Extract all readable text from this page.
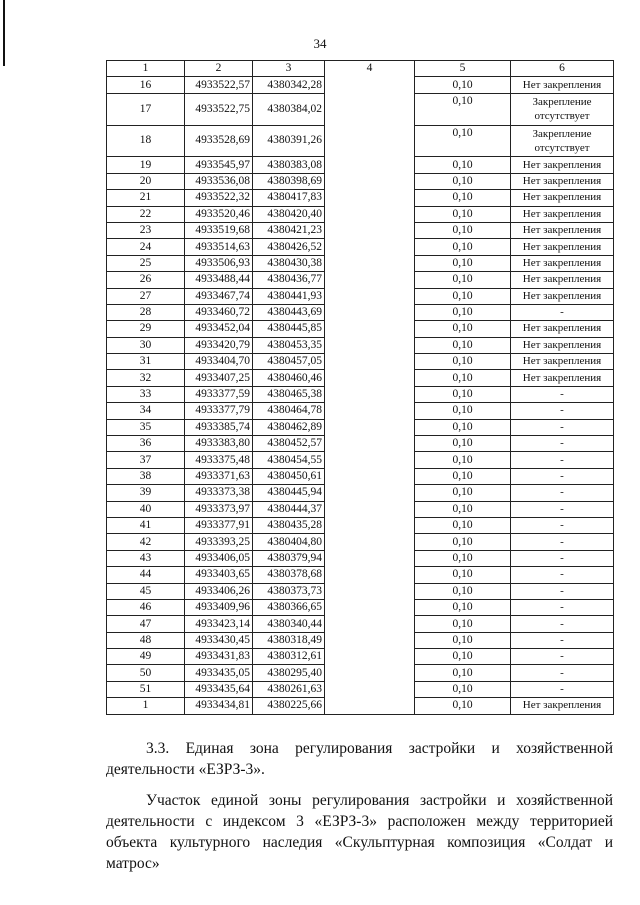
34
1	2	3	4	5	6
16	4933522,57	4380342,28		0,10	Нет закрепления
17	4933522,75	4380384,02		0,10	Закрепление отсутствует
18	4933528,69	4380391,26		0,10	Закрепление отсутствует
19	4933545,97	4380383,08		0,10	Нет закрепления
20	4933536,08	4380398,69		0,10	Нет закрепления
21	4933522,32	4380417,83		0,10	Нет закрепления
22	4933520,46	4380420,40		0,10	Нет закрепления
23	4933519,68	4380421,23		0,10	Нет закрепления
24	4933514,63	4380426,52		0,10	Нет закрепления
25	4933506,93	4380430,38		0,10	Нет закрепления
26	4933488,44	4380436,77		0,10	Нет закрепления
27	4933467,74	4380441,93		0,10	Нет закрепления
28	4933460,72	4380443,69		0,10	-
29	4933452,04	4380445,85		0,10	Нет закрепления
30	4933420,79	4380453,35		0,10	Нет закрепления
31	4933404,70	4380457,05		0,10	Нет закрепления
32	4933407,25	4380460,46		0,10	Нет закрепления
33	4933377,59	4380465,38		0,10	-
34	4933377,79	4380464,78		0,10	-
35	4933385,74	4380462,89		0,10	-
36	4933383,80	4380452,57		0,10	-
37	4933375,48	4380454,55		0,10	-
38	4933371,63	4380450,61		0,10	-
39	4933373,38	4380445,94		0,10	-
40	4933373,97	4380444,37		0,10	-
41	4933377,91	4380435,28		0,10	-
42	4933393,25	4380404,80		0,10	-
43	4933406,05	4380379,94		0,10	-
44	4933403,65	4380378,68		0,10	-
45	4933406,26	4380373,73		0,10	-
46	4933409,96	4380366,65		0,10	-
47	4933423,14	4380340,44		0,10	-
48	4933430,45	4380318,49		0,10	-
49	4933431,83	4380312,61		0,10	-
50	4933435,05	4380295,40		0,10	-
51	4933435,64	4380261,63		0,10	-
1	4933434,81	4380225,66		0,10	Нет закрепления
3.3. Единая зона регулирования застройки и хозяйственной деятельности «ЕЗРЗ-3».
Участок единой зоны регулирования застройки и хозяйственной деятельности с индексом 3 «ЕЗРЗ-3» расположен между территорией объекта культурного наследия «Скульптурная композиция «Солдат и матрос»
